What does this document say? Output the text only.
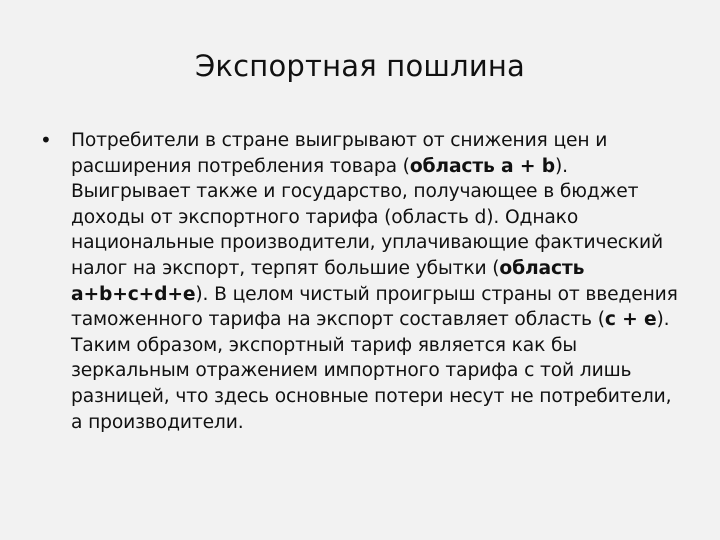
Экспортная пошлина
•	Потребители в стране выигрывают от снижения цен и расширения потребления товара (область а + b). Выигрывает также и государство, получающее в бюджет доходы от экспортного тарифа (область d). Однако национальные производители, уплачивающие фактический налог на экспорт, терпят большие убытки (область a+b+c+d+e). В целом чистый проигрыш страны от введения таможенного тарифа на экспорт составляет область (c + e). Таким образом, экспортный тариф является как бы зеркальным отражением импортного тарифа с той лишь разницей, что здесь основные потери несут не потребители, а производители.
